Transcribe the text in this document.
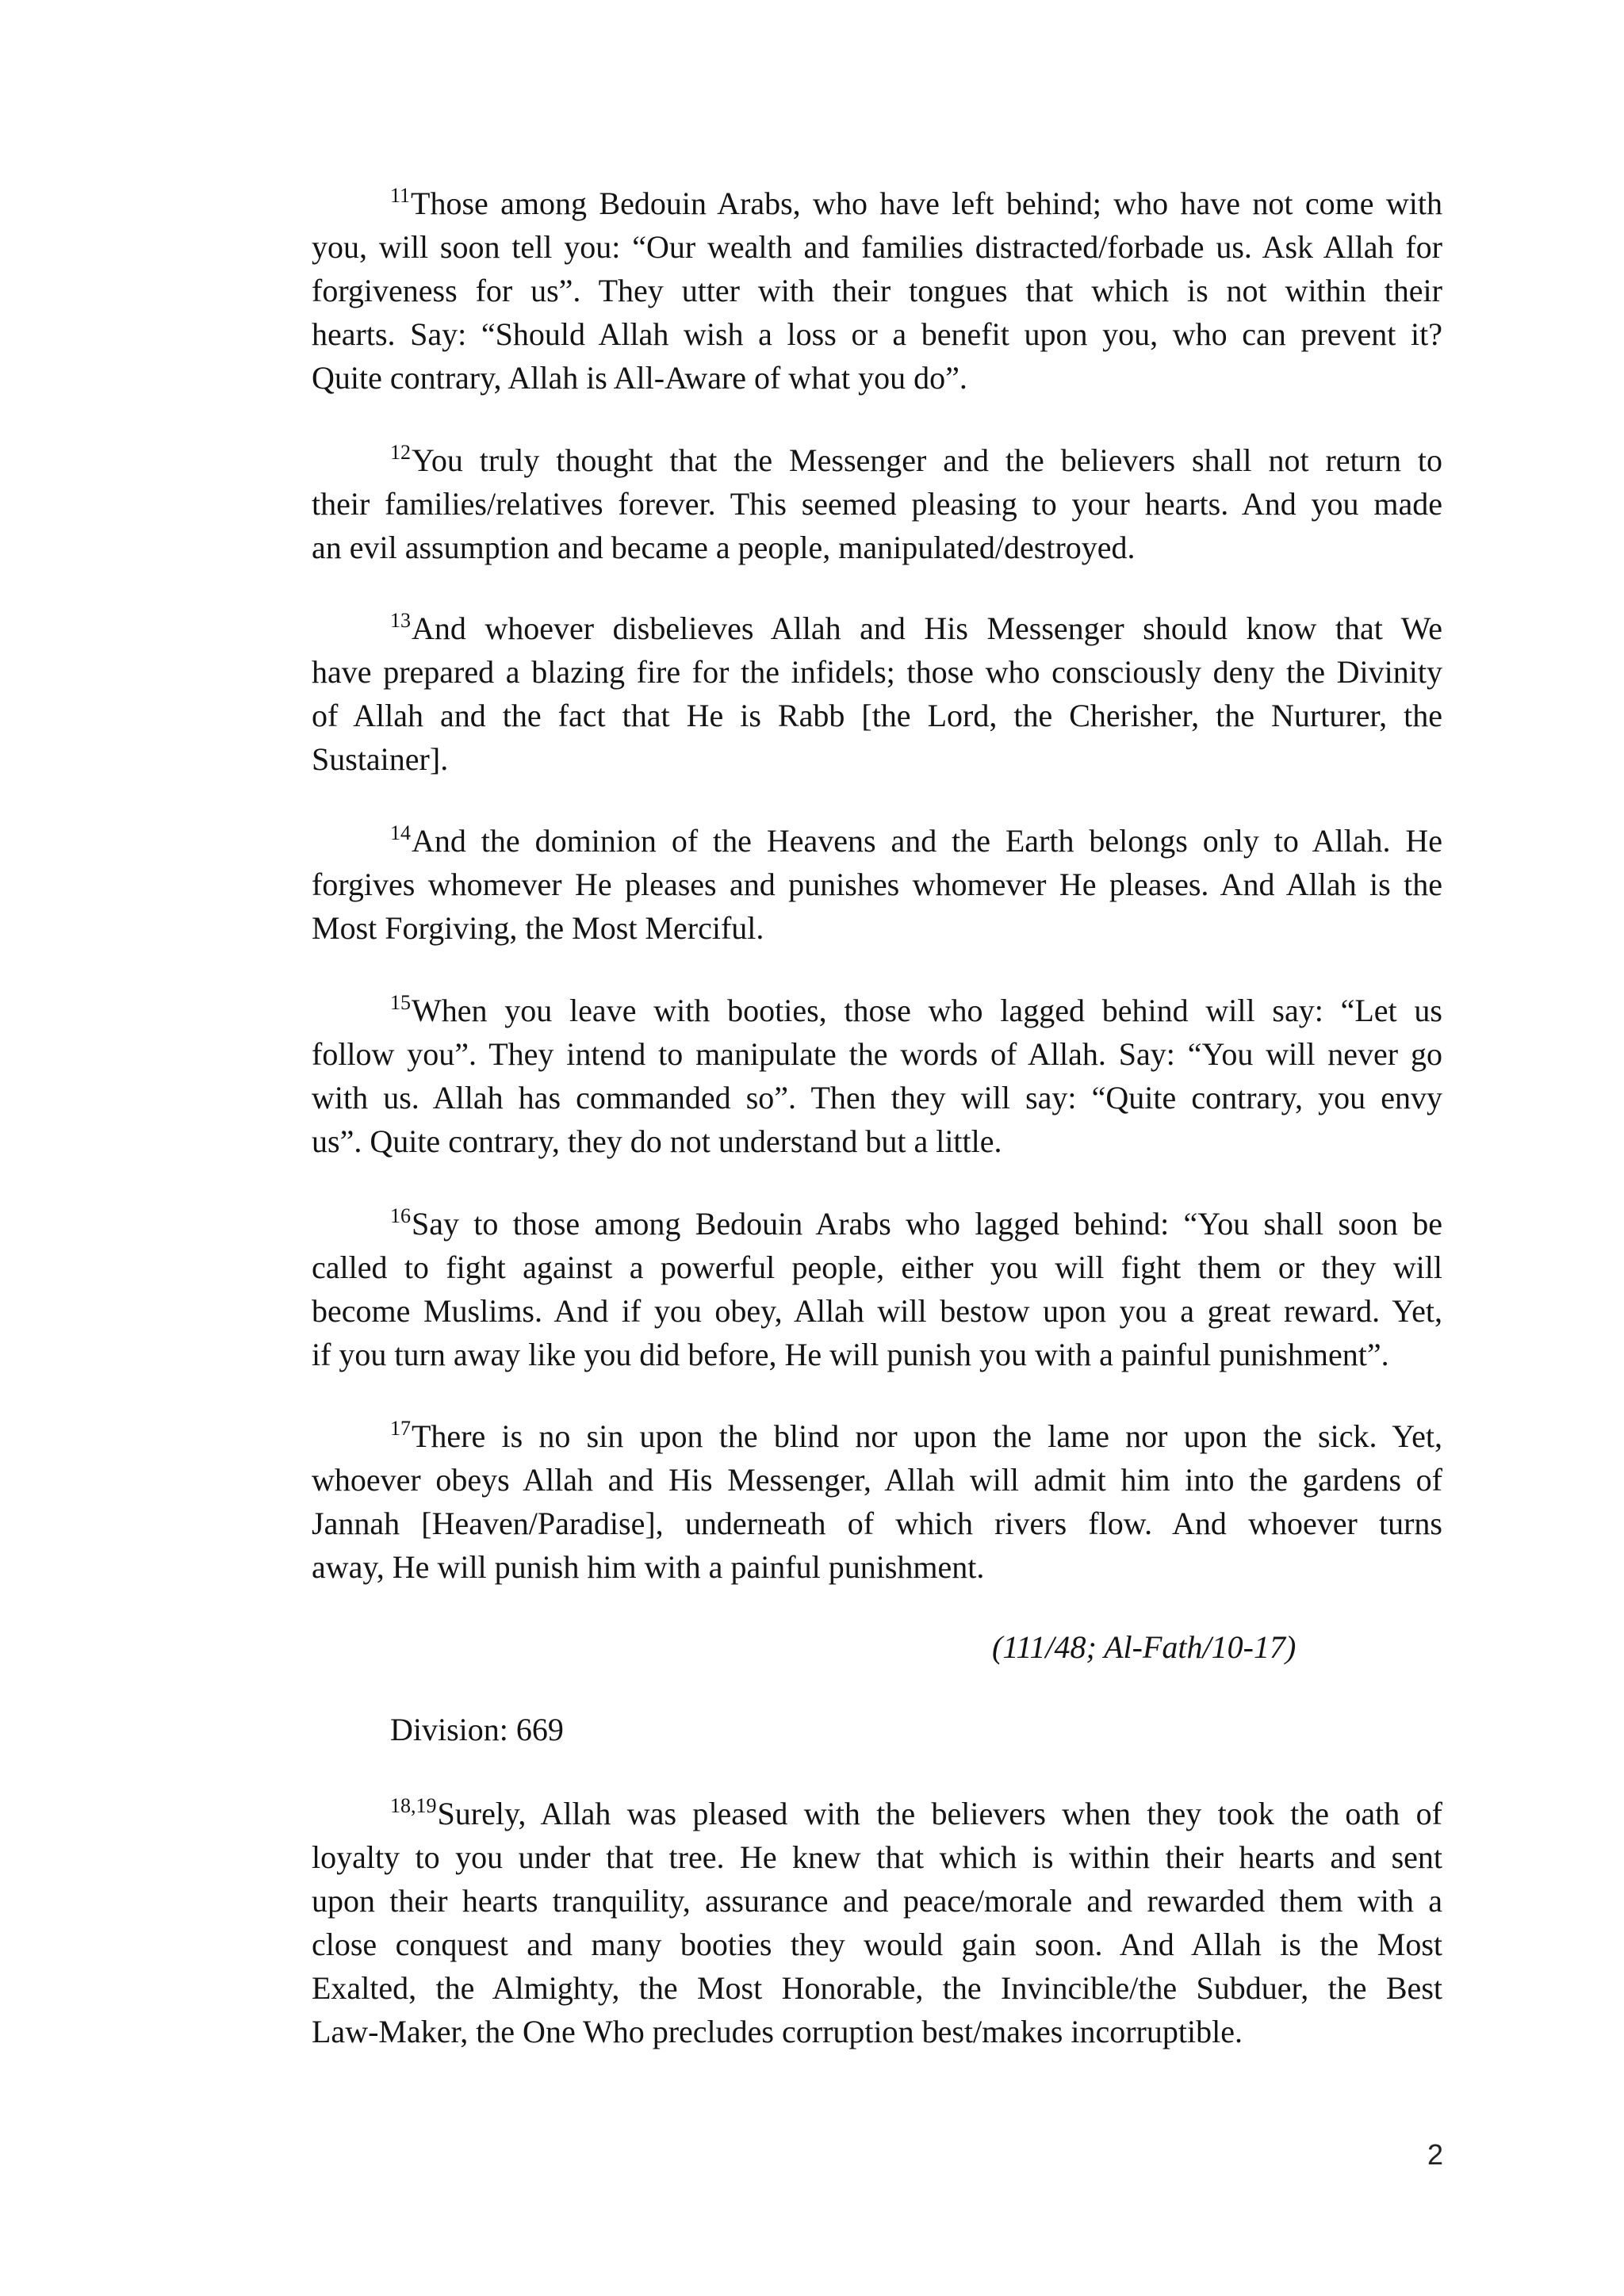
$^{11}$Those among Bedouin Arabs, who have left behind; who have not come with
you, will soon tell you: “Our wealth and families distracted/forbade us. Ask Allah for
forgiveness for us”. They utter with their tongues that which is not within their
hearts. Say: “Should Allah wish a loss or a benefit upon you, who can prevent it?
Quite contrary, Allah is All-Aware of what you do”.
$^{12}$You truly thought that the Messenger and the believers shall not return to
their families/relatives forever. This seemed pleasing to your hearts. And you made
an evil assumption and became a people, manipulated/destroyed.
$^{13}$And whoever disbelieves Allah and His Messenger should know that We
have prepared a blazing fire for the infidels; those who consciously deny the Divinity
of Allah and the fact that He is Rabb [the Lord, the Cherisher, the Nurturer, the
Sustainer].
$^{14}$And the dominion of the Heavens and the Earth belongs only to Allah. He
forgives whomever He pleases and punishes whomever He pleases. And Allah is the
Most Forgiving, the Most Merciful.
$^{15}$When you leave with booties, those who lagged behind will say: “Let us
follow you”. They intend to manipulate the words of Allah. Say: “You will never go
with us. Allah has commanded so”. Then they will say: “Quite contrary, you envy
us”. Quite contrary, they do not understand but a little.
$^{16}$Say to those among Bedouin Arabs who lagged behind: “You shall soon be
called to fight against a powerful people, either you will fight them or they will
become Muslims. And if you obey, Allah will bestow upon you a great reward. Yet,
if you turn away like you did before, He will punish you with a painful punishment”.
$^{17}$There is no sin upon the blind nor upon the lame nor upon the sick. Yet,
whoever obeys Allah and His Messenger, Allah will admit him into the gardens of
Jannah [Heaven/Paradise], underneath of which rivers flow. And whoever turns
away, He will punish him with a painful punishment.
(111/48; Al-Fath/10-17)
Division: 669
$^{18,19}$Surely, Allah was pleased with the believers when they took the oath of
loyalty to you under that tree. He knew that which is within their hearts and sent
upon their hearts tranquility, assurance and peace/morale and rewarded them with a
close conquest and many booties they would gain soon. And Allah is the Most
Exalted, the Almighty, the Most Honorable, the Invincible/the Subduer, the Best
Law-Maker, the One Who precludes corruption best/makes incorruptible.
2
